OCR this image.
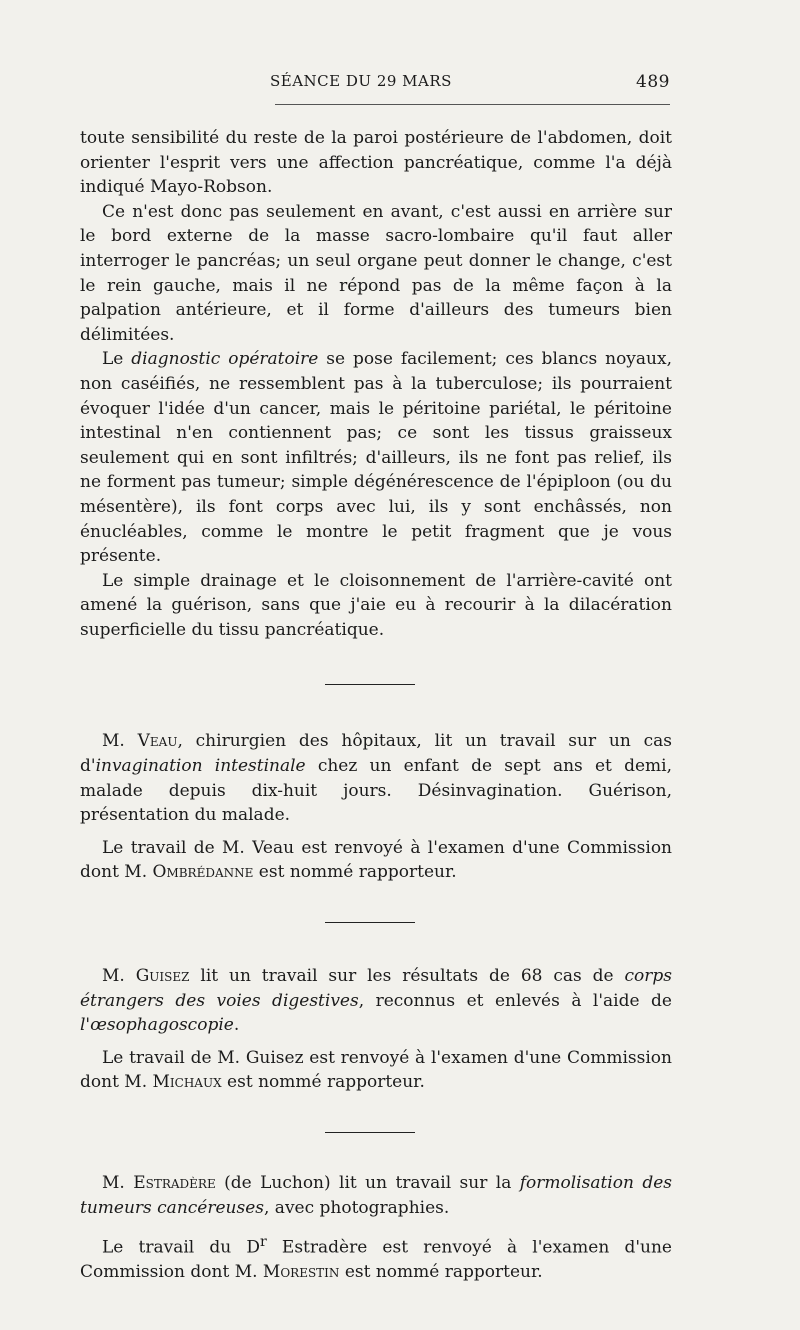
SÉANCE DU 29 MARS	489

toute sensibilité du reste de la paroi postérieure de l'abdomen, doit orienter l'esprit vers une affection pancréatique, comme l'a déjà indiqué Mayo-Robson.

Ce n'est donc pas seulement en avant, c'est aussi en arrière sur le bord externe de la masse sacro-lombaire qu'il faut aller interroger le pancréas; un seul organe peut donner le change, c'est le rein gauche, mais il ne répond pas de la même façon à la palpation antérieure, et il forme d'ailleurs des tumeurs bien délimitées.

Le diagnostic opératoire se pose facilement; ces blancs noyaux, non caséifiés, ne ressemblent pas à la tuberculose; ils pourraient évoquer l'idée d'un cancer, mais le péritoine pariétal, le péritoine intestinal n'en contiennent pas; ce sont les tissus graisseux seulement qui en sont infiltrés; d'ailleurs, ils ne font pas relief, ils ne forment pas tumeur; simple dégénérescence de l'épiploon (ou du mésentère), ils font corps avec lui, ils y sont enchâssés, non énucléables, comme le montre le petit fragment que je vous présente.

Le simple drainage et le cloisonnement de l'arrière-cavité ont amené la guérison, sans que j'aie eu à recourir à la dilacération superficielle du tissu pancréatique.

M. Veau, chirurgien des hôpitaux, lit un travail sur un cas d'invagination intestinale chez un enfant de sept ans et demi, malade depuis dix-huit jours. Désinvagination. Guérison, présentation du malade.

Le travail de M. Veau est renvoyé à l'examen d'une Commission dont M. Ombrédanne est nommé rapporteur.

M. Guisez lit un travail sur les résultats de 68 cas de corps étrangers des voies digestives, reconnus et enlevés à l'aide de l'œsophagoscopie.

Le travail de M. Guisez est renvoyé à l'examen d'une Commission dont M. Michaux est nommé rapporteur.

M. Estradère (de Luchon) lit un travail sur la formolisation des tumeurs cancéreuses, avec photographies.

Le travail du $D^r$ Estradère est renvoyé à l'examen d'une Commission dont M. Morestin est nommé rapporteur.
